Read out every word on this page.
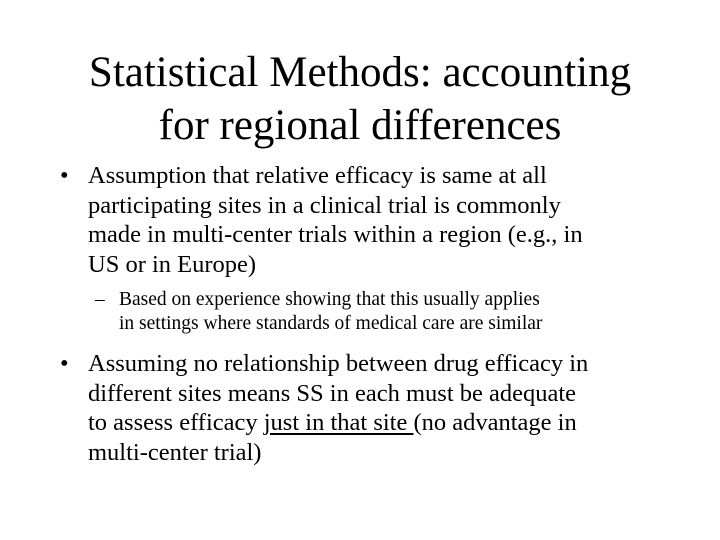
Statistical Methods: accounting
for regional differences
• Assumption that relative efficacy is same at all
participating sites in a clinical trial is commonly
made in multi-center trials within a region (e.g., in
US or in Europe)
– Based on experience showing that this usually applies
in settings where standards of medical care are similar
• Assuming no relationship between drug efficacy in
different sites means SS in each must be adequate
to assess efficacy just in that site (no advantage in
multi-center trial)
